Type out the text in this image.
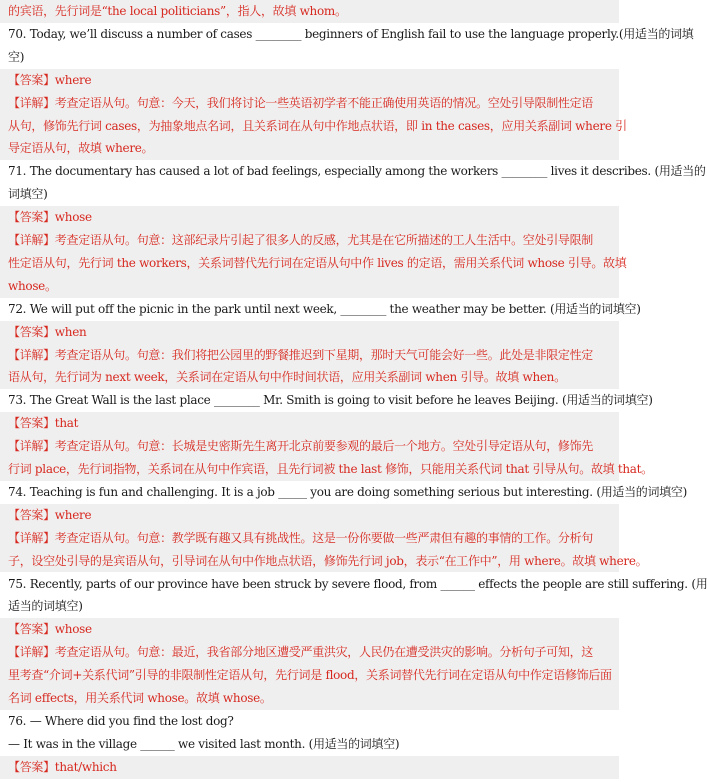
的宾语，先行词是“the local politicians”，指人，故填 whom。
70. Today, we’ll discuss a number of cases ________ beginners of English fail to use the language properly.(用适当的词填
空)
【答案】where
【详解】考查定语从句。句意：今天，我们将讨论一些英语初学者不能正确使用英语的情况。空处引导限制性定语
从句，修饰先行词 cases，为抽象地点名词，且关系词在从句中作地点状语，即 in the cases，应用关系副词 where 引
导定语从句，故填 where。
71. The documentary has caused a lot of bad feelings, especially among the workers ________ lives it describes. (用适当的
词填空)
【答案】whose
【详解】考查定语从句。句意：这部纪录片引起了很多人的反感，尤其是在它所描述的工人生活中。空处引导限制
性定语从句，先行词 the workers，关系词替代先行词在定语从句中作 lives 的定语，需用关系代词 whose 引导。故填
whose。
72. We will put off the picnic in the park until next week, ________ the weather may be better. (用适当的词填空)
【答案】when
【详解】考查定语从句。句意：我们将把公园里的野餐推迟到下星期，那时天气可能会好一些。此处是非限定性定
语从句，先行词为 next week，关系词在定语从句中作时间状语，应用关系副词 when 引导。故填 when。
73. The Great Wall is the last place ________ Mr. Smith is going to visit before he leaves Beijing. (用适当的词填空)
【答案】that
【详解】考查定语从句。句意：长城是史密斯先生离开北京前要参观的最后一个地方。空处引导定语从句，修饰先
行词 place，先行词指物，关系词在从句中作宾语，且先行词被 the last 修饰，只能用关系代词 that 引导从句。故填 that。
74. Teaching is fun and challenging. It is a job _____ you are doing something serious but interesting. (用适当的词填空)
【答案】where
【详解】考查定语从句。句意：教学既有趣又具有挑战性。这是一份你要做一些严肃但有趣的事情的工作。分析句
子，设空处引导的是宾语从句，引导词在从句中作地点状语，修饰先行词 job，表示“在工作中”，用 where。故填 where。
75. Recently, parts of our province have been struck by severe flood, from ______ effects the people are still suffering. (用
适当的词填空)
【答案】whose
【详解】考查定语从句。句意：最近，我省部分地区遭受严重洪灾，人民仍在遭受洪灾的影响。分析句子可知，这
里考查“介词+关系代词”引导的非限制性定语从句，先行词是 flood，关系词替代先行词在定语从句中作定语修饰后面
名词 effects，用关系代词 whose。故填 whose。
76. — Where did you find the lost dog?
— It was in the village ______ we visited last month. (用适当的词填空)
【答案】that/which
